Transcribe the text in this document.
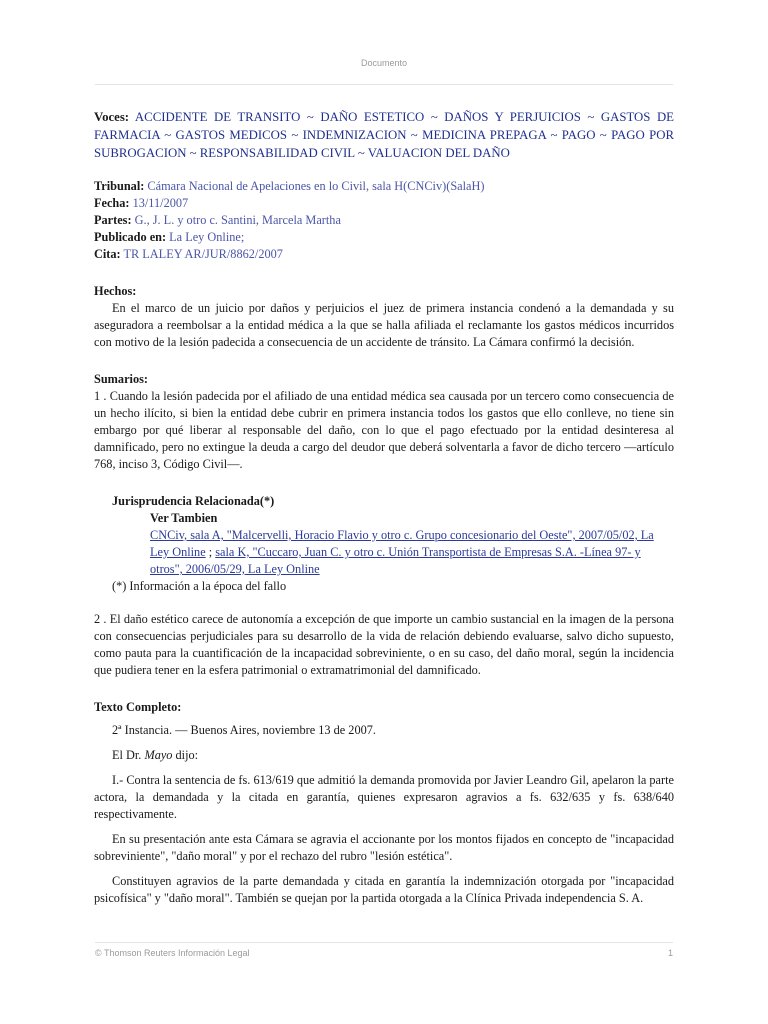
Documento
Voces: ACCIDENTE DE TRANSITO ~ DAÑO ESTETICO ~ DAÑOS Y PERJUICIOS ~ GASTOS DE FARMACIA ~ GASTOS MEDICOS ~ INDEMNIZACION ~ MEDICINA PREPAGA ~ PAGO ~ PAGO POR SUBROGACION ~ RESPONSABILIDAD CIVIL ~ VALUACION DEL DAÑO
Tribunal: Cámara Nacional de Apelaciones en lo Civil, sala H(CNCiv)(SalaH)
Fecha: 13/11/2007
Partes: G., J. L. y otro c. Santini, Marcela Martha
Publicado en: La Ley Online;
Cita: TR LALEY AR/JUR/8862/2007
Hechos:

En el marco de un juicio por daños y perjuicios el juez de primera instancia condenó a la demandada y su aseguradora a reembolsar a la entidad médica a la que se halla afiliada el reclamante los gastos médicos incurridos con motivo de la lesión padecida a consecuencia de un accidente de tránsito. La Cámara confirmó la decisión.

Sumarios:

1 . Cuando la lesión padecida por el afiliado de una entidad médica sea causada por un tercero como consecuencia de un hecho ilícito, si bien la entidad debe cubrir en primera instancia todos los gastos que ello conlleve, no tiene sin embargo por qué liberar al responsable del daño, con lo que el pago efectuado por la entidad desinteresa al damnificado, pero no extingue la deuda a cargo del deudor que deberá solventarla a favor de dicho tercero —artículo 768, inciso 3, Código Civil—.

Jurisprudencia Relacionada(*)
Ver Tambien
CNCiv, sala A, "Malcervelli, Horacio Flavio y otro c. Grupo concesionario del Oeste", 2007/05/02, La Ley Online ; sala K, "Cuccaro, Juan C. y otro c. Unión Transportista de Empresas S.A. -Línea 97- y otros", 2006/05/29, La Ley Online
(*) Información a la época del fallo

2 . El daño estético carece de autonomía a excepción de que importe un cambio sustancial en la imagen de la persona con consecuencias perjudiciales para su desarrollo de la vida de relación debiendo evaluarse, salvo dicho supuesto, como pauta para la cuantificación de la incapacidad sobreviniente, o en su caso, del daño moral, según la incidencia que pudiera tener en la esfera patrimonial o extramatrimonial del damnificado.

Texto Completo:

2ª Instancia. — Buenos Aires, noviembre 13 de 2007.

El Dr. Mayo dijo:

I.- Contra la sentencia de fs. 613/619 que admitió la demanda promovida por Javier Leandro Gil, apelaron la parte actora, la demandada y la citada en garantía, quienes expresaron agravios a fs. 632/635 y fs. 638/640 respectivamente.

En su presentación ante esta Cámara se agravia el accionante por los montos fijados en concepto de "incapacidad sobreviniente", "daño moral" y por el rechazo del rubro "lesión estética".

Constituyen agravios de la parte demandada y citada en garantía la indemnización otorgada por "incapacidad psicofísica" y "daño moral". También se quejan por la partida otorgada a la Clínica Privada independencia S. A.

© Thomson Reuters Información Legal	1
